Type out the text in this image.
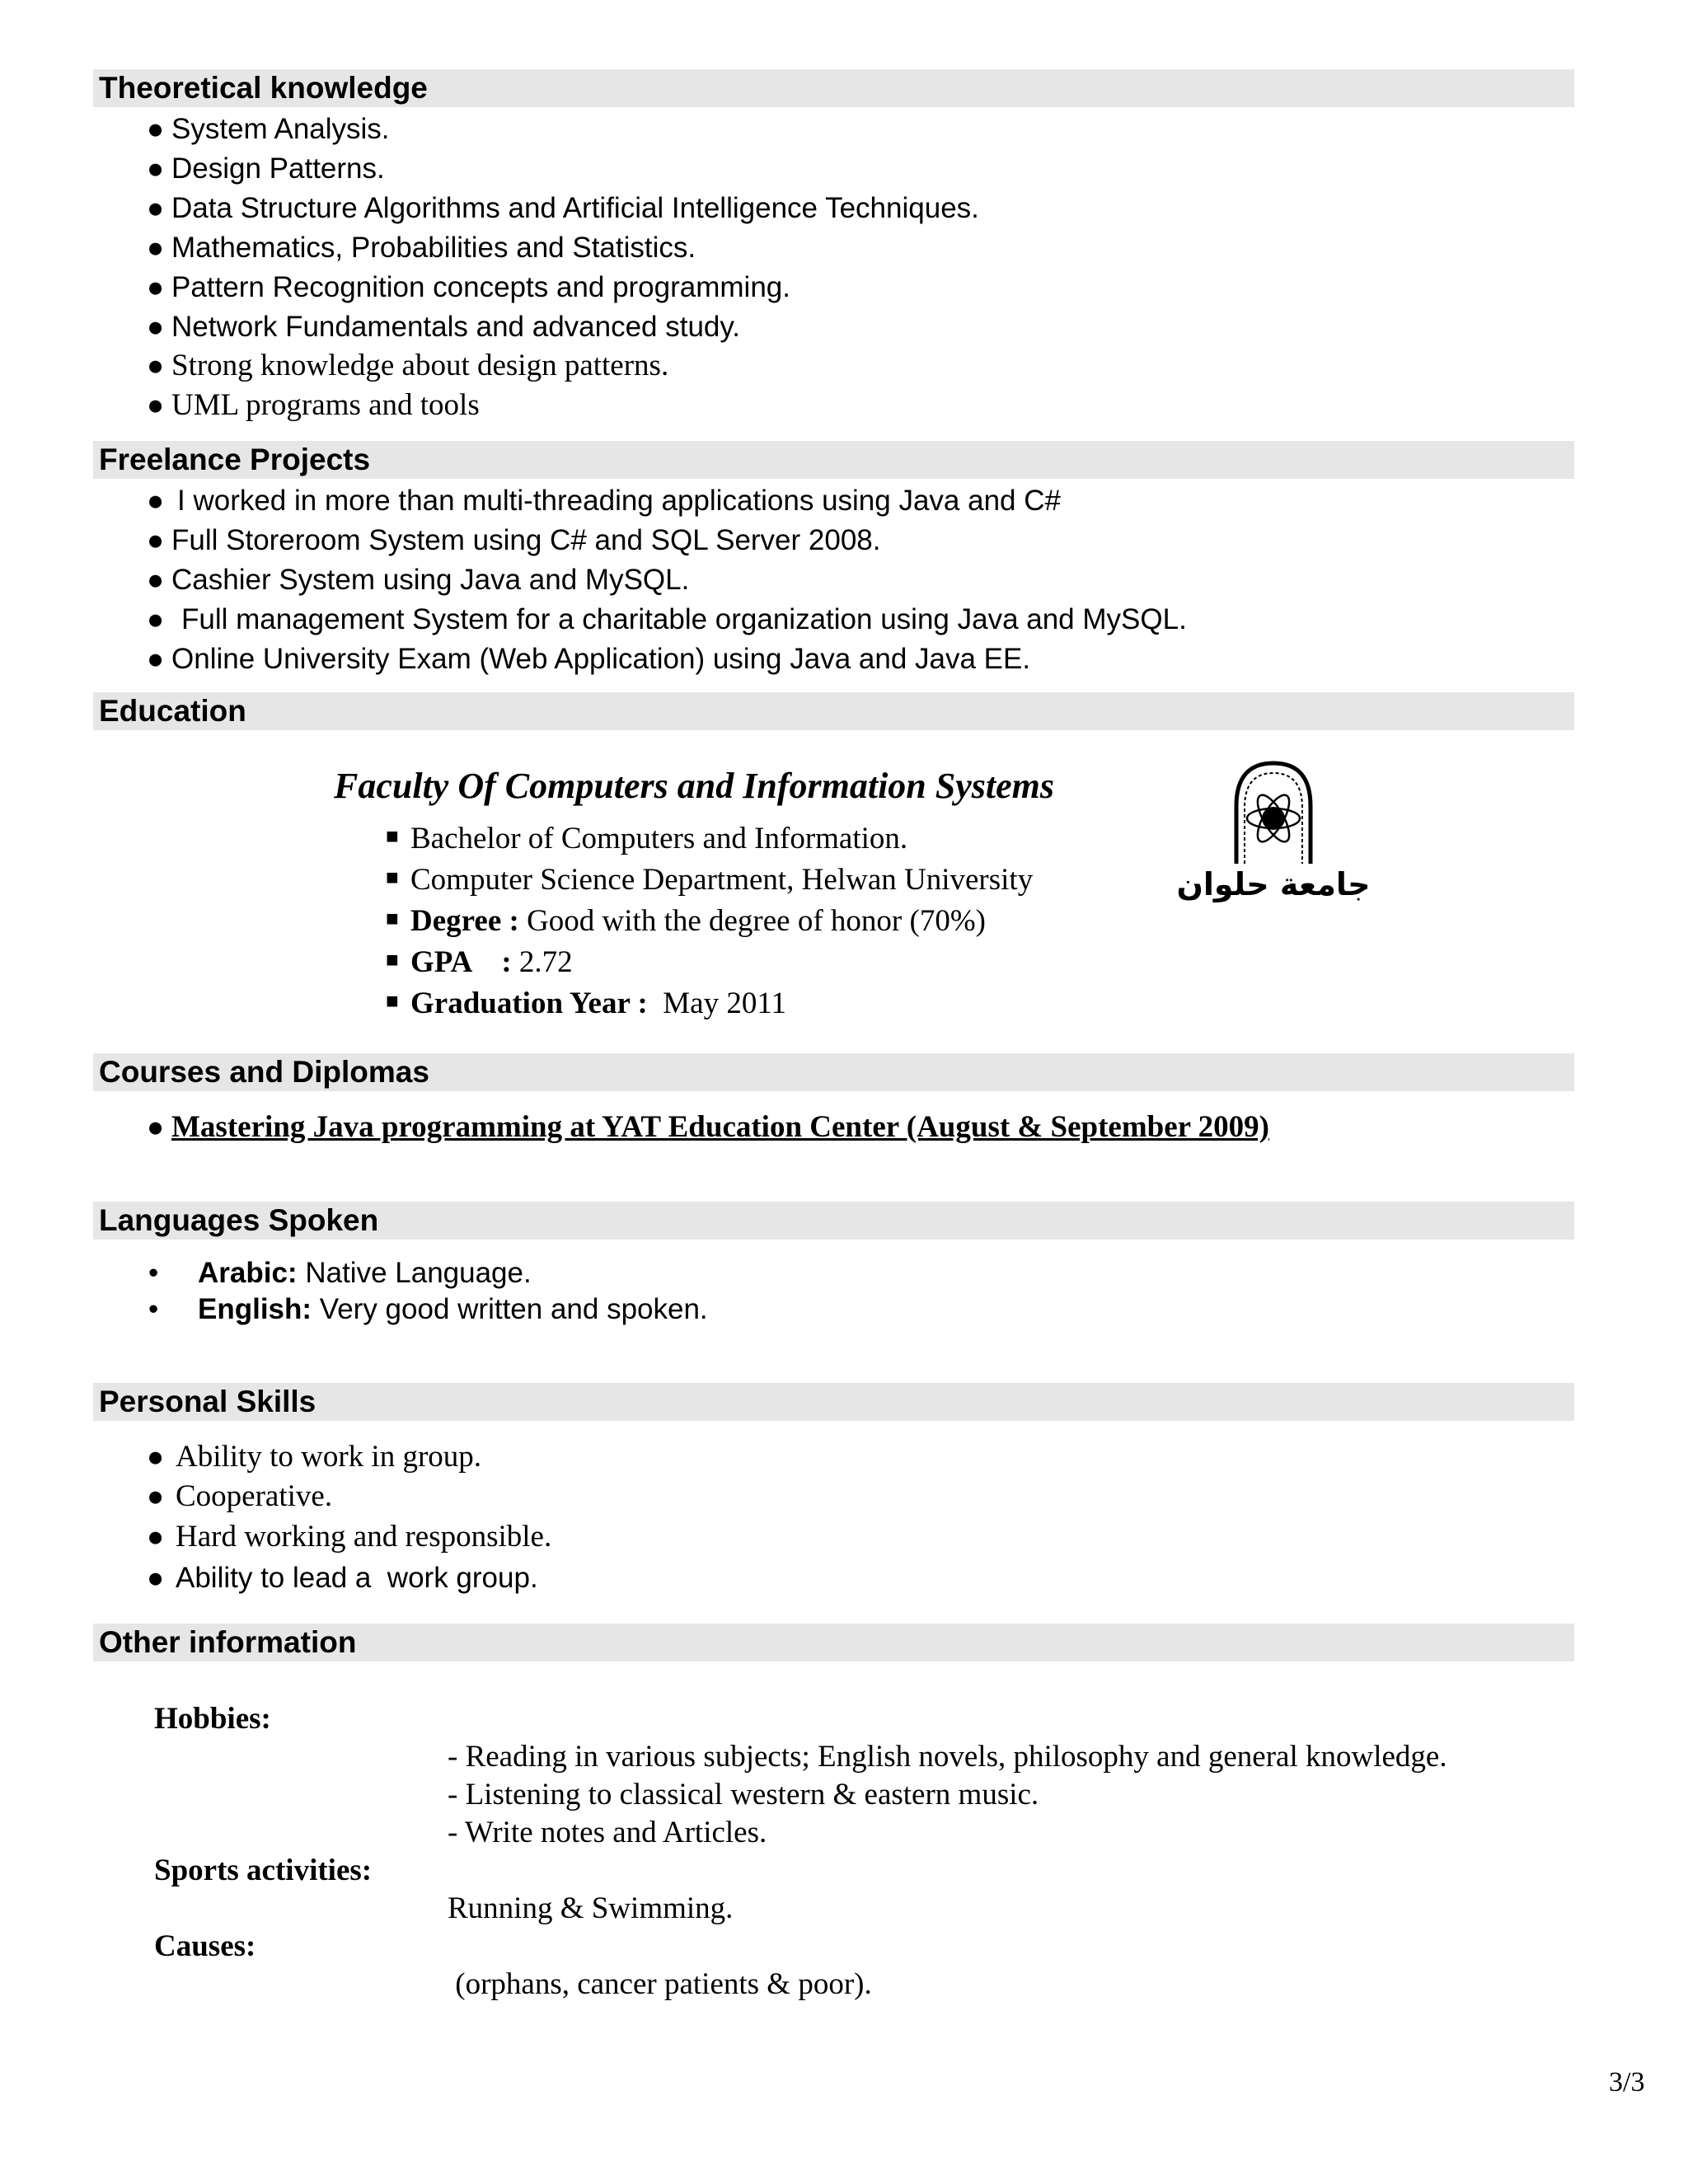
Theoretical knowledge
● System Analysis.
● Design Patterns.
● Data Structure Algorithms and Artificial Intelligence Techniques.
● Mathematics, Probabilities and Statistics.
● Pattern Recognition concepts and programming.
● Network Fundamentals and advanced study.
● Strong knowledge about design patterns.
● UML programs and tools
Freelance Projects
● I worked in more than multi-threading applications using Java and C#
● Full Storeroom System using C# and SQL Server 2008.
● Cashier System using Java and MySQL.
● Full management System for a charitable organization using Java and MySQL.
● Online University Exam (Web Application) using Java and Java EE.
Education
Faculty Of Computers and Information Systems
■ Bachelor of Computers and Information.
■ Computer Science Department, Helwan University
■ Degree : Good with the degree of honor (70%)
■ GPA    : 2.72
■ Graduation Year : May 2011
جامعة حلوان
Courses and Diplomas
● Mastering Java programming at YAT Education Center (August & September 2009)
Languages Spoken
• Arabic: Native Language.
• English: Very good written and spoken.
Personal Skills
● Ability to work in group.
● Cooperative.
● Hard working and responsible.
● Ability to lead a  work group.
Other information
Hobbies:
- Reading in various subjects; English novels, philosophy and general knowledge.
- Listening to classical western & eastern music.
- Write notes and Articles.
Sports activities:
Running & Swimming.
Causes:
(orphans, cancer patients & poor).
3/3
